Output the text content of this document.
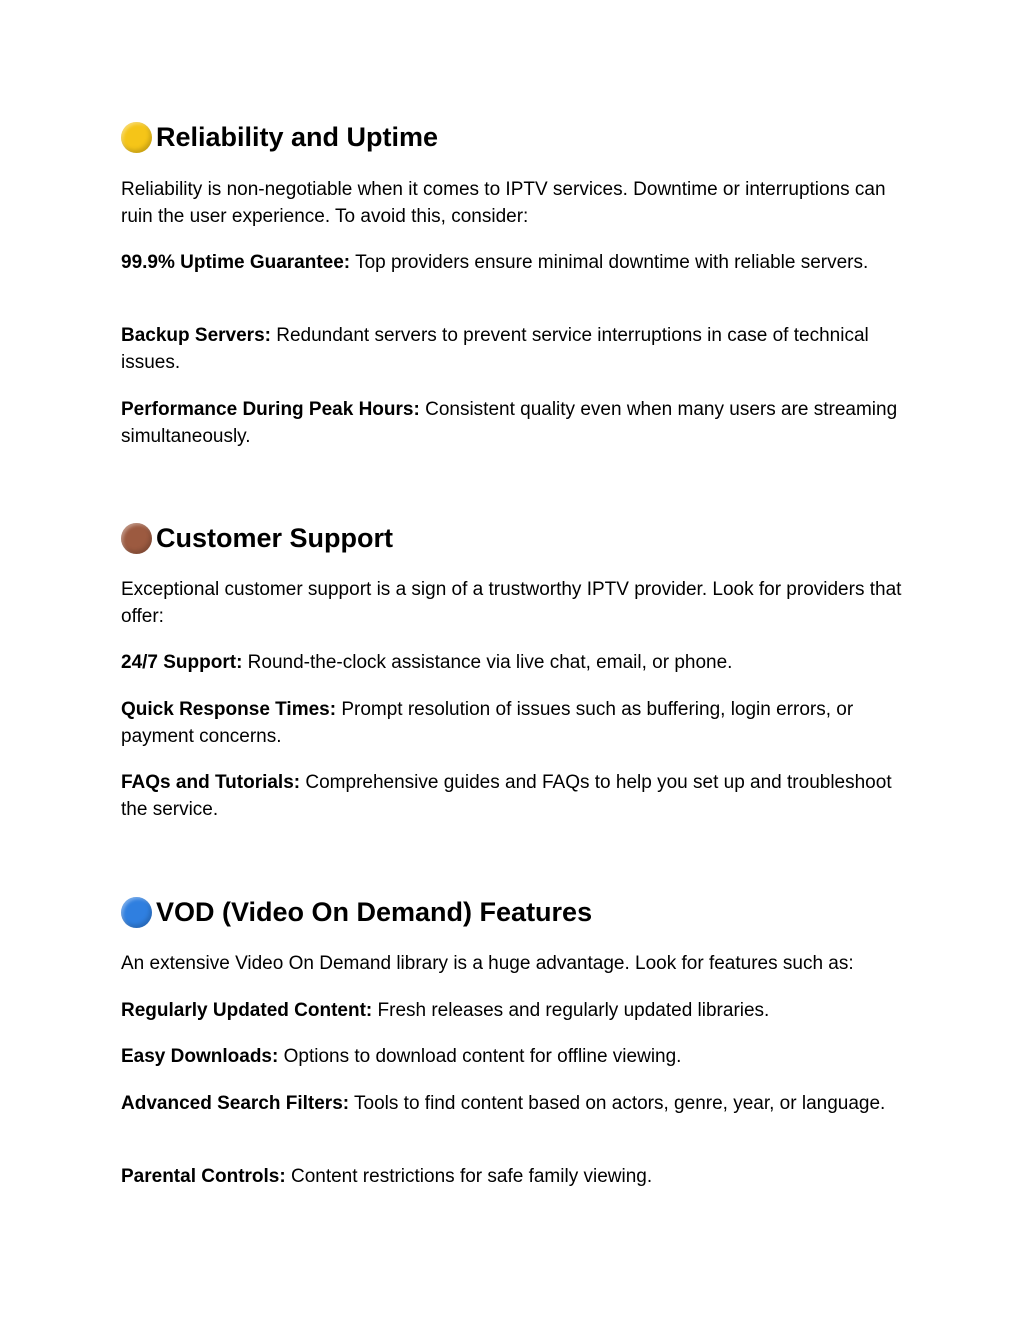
Reliability and Uptime

Reliability is non-negotiable when it comes to IPTV services. Downtime or interruptions can ruin the user experience. To avoid this, consider:

99.9% Uptime Guarantee: Top providers ensure minimal downtime with reliable servers.

Backup Servers: Redundant servers to prevent service interruptions in case of technical issues.

Performance During Peak Hours: Consistent quality even when many users are streaming simultaneously.

Customer Support

Exceptional customer support is a sign of a trustworthy IPTV provider. Look for providers that offer:

24/7 Support: Round-the-clock assistance via live chat, email, or phone.

Quick Response Times: Prompt resolution of issues such as buffering, login errors, or payment concerns.

FAQs and Tutorials: Comprehensive guides and FAQs to help you set up and troubleshoot the service.

VOD (Video On Demand) Features

An extensive Video On Demand library is a huge advantage. Look for features such as:

Regularly Updated Content: Fresh releases and regularly updated libraries.

Easy Downloads: Options to download content for offline viewing.

Advanced Search Filters: Tools to find content based on actors, genre, year, or language.

Parental Controls: Content restrictions for safe family viewing.
